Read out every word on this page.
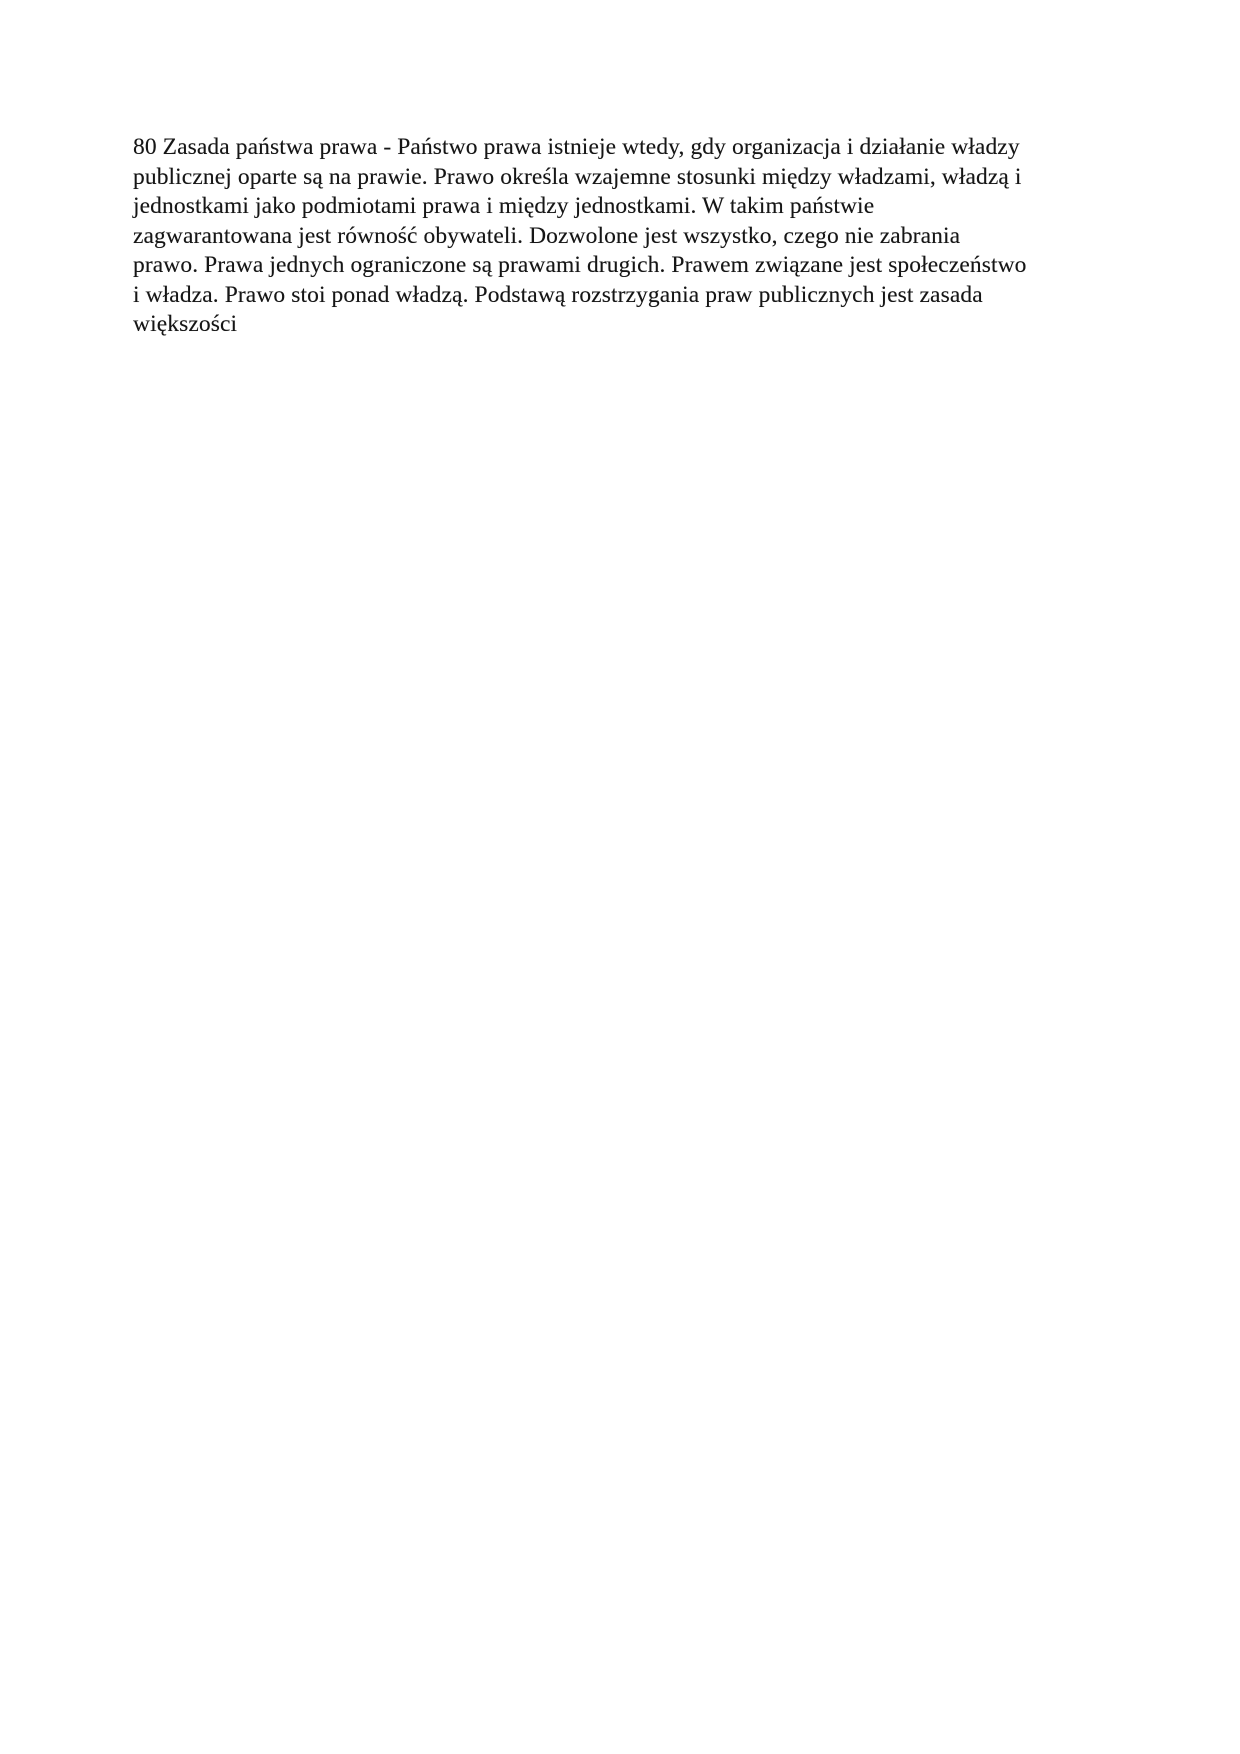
80 Zasada państwa prawa - Państwo prawa istnieje wtedy, gdy organizacja i działanie władzy
publicznej oparte są na prawie. Prawo określa wzajemne stosunki między władzami, władzą i
jednostkami jako podmiotami prawa i między jednostkami. W takim państwie
zagwarantowana jest równość obywateli. Dozwolone jest wszystko, czego nie zabrania
prawo. Prawa jednych ograniczone są prawami drugich. Prawem związane jest społeczeństwo
i władza. Prawo stoi ponad władzą. Podstawą rozstrzygania praw publicznych jest zasada
większości
